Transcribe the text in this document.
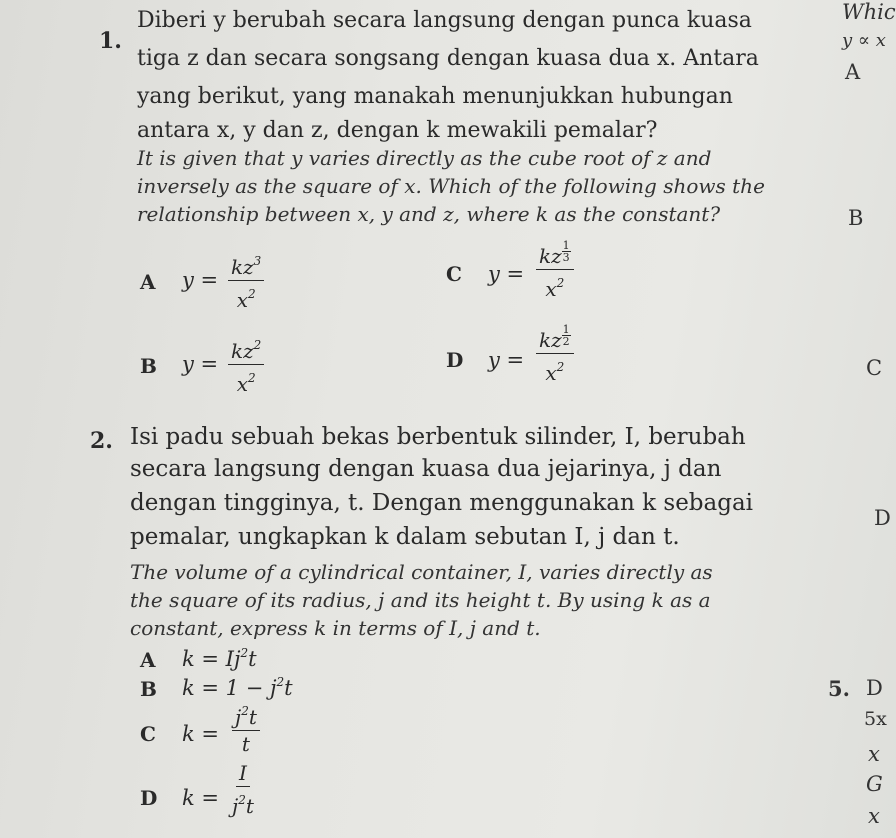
1.
Diberi y berubah secara langsung dengan punca kuasa
tiga z dan secara songsang dengan kuasa dua x. Antara
yang berikut, yang manakah menunjukkan hubungan
antara x, y dan z, dengan k mewakili pemalar?
It is given that y varies directly as the cube root of z and
inversely as the square of x. Which of the following shows the
relationship between x, y and z, where k as the constant?
A $y = \frac{kz^3}{x^2}$
B $y = \frac{kz^2}{x^2}$
C $y = \frac{kz \frac{1}{3}}{x^2}$
D $y = \frac{kz \frac{1}{2}}{x^2}$
2. Isi padu sebuah bekas berbentuk silinder, I, berubah
secara langsung dengan kuasa dua jejarinya, j dan
dengan tingginya, t. Dengan menggunakan k sebagai
pemalar, ungkapkan k dalam sebutan I, j dan t.
The volume of a cylindrical container, I, varies directly as
the square of its radius, j and its height t. By using k as a
constant, express k in terms of I, j and t.
A $k = Ij^2t$
B $k = 1 - j^2t$
C $k = \frac{j^2t}{t}$
D $k = \frac{I}{j^2t}$
Whic
y ∝ x
A
B
C
D
5. D
5x
x
G
x
